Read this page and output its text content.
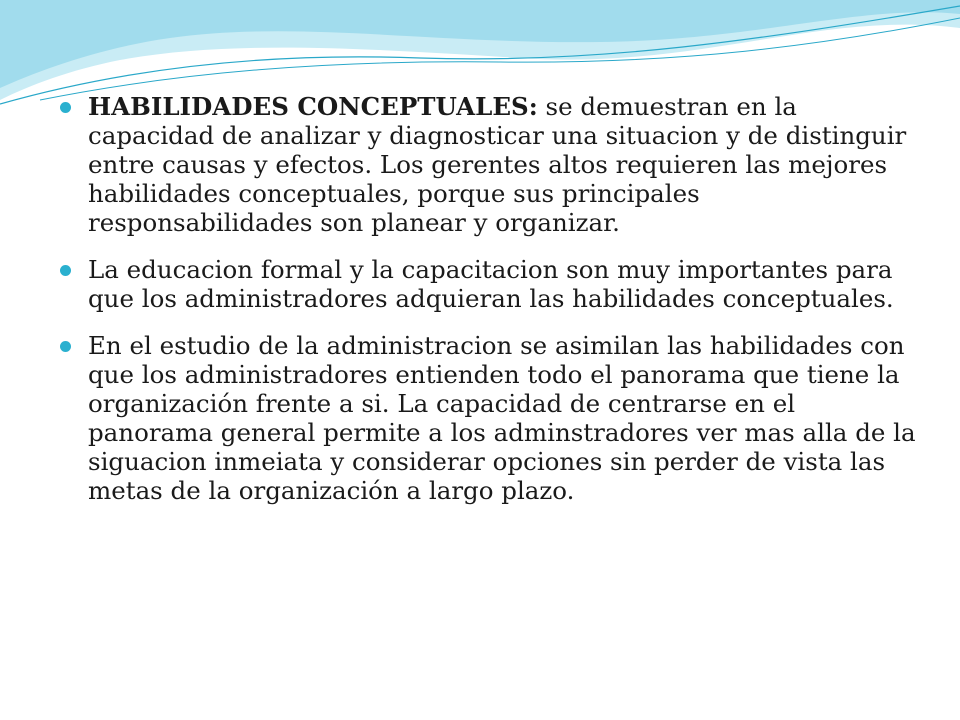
HABILIDADES CONCEPTUALES: se demuestran en la capacidad de analizar y diagnosticar una situacion y de distinguir entre causas y efectos. Los gerentes altos requieren las mejores habilidades conceptuales, porque sus principales responsabilidades son planear y organizar.
La educacion formal y la capacitacion son muy importantes para que los administradores adquieran las habilidades conceptuales.
En el estudio de la administracion se asimilan las habilidades con que los administradores entienden todo el panorama que tiene la organización frente a si. La capacidad de centrarse en el panorama general permite a los adminstradores ver mas alla de la siguacion inmeiata y considerar opciones sin perder de vista las metas de la organización a largo plazo.
